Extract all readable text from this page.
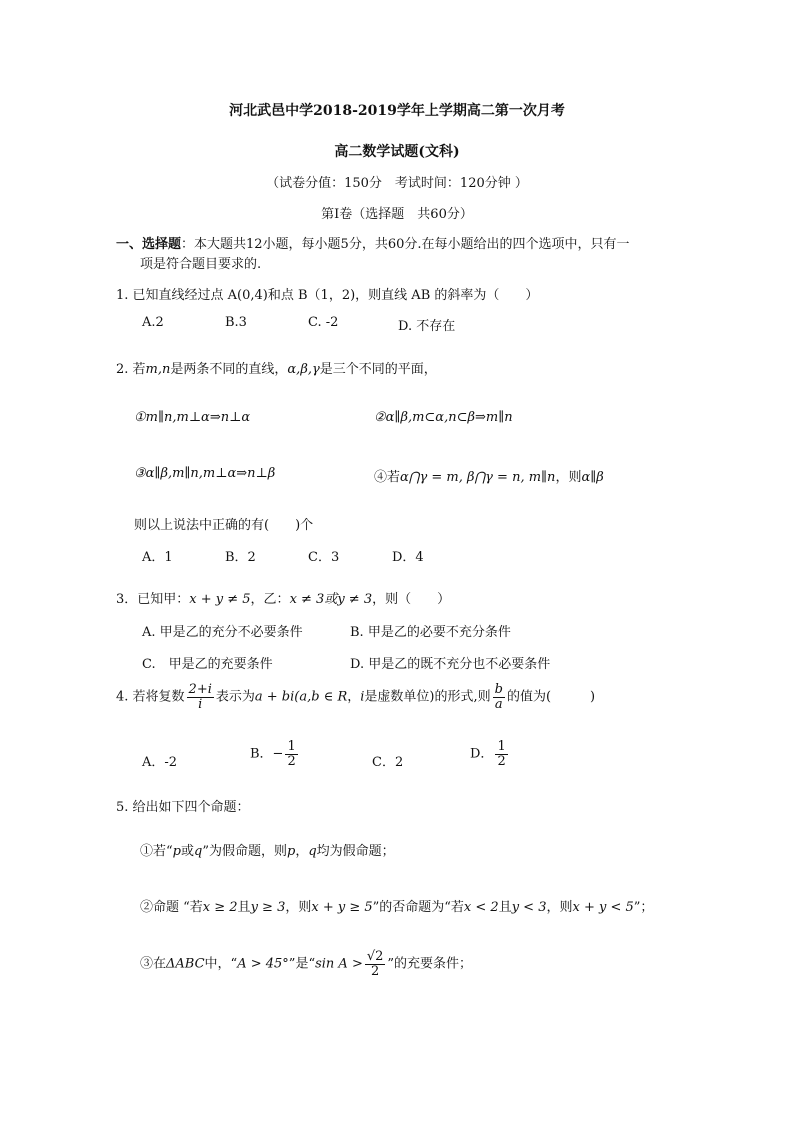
河北武邑中学2018-2019学年上学期高二第一次月考
高二数学试题(文科)
（试卷分值：150分　考试时间：120分钟 ）
第Ⅰ卷（选择题　共60分）
一、选择题：本大题共12小题，每小题5分，共60分.在每小题给出的四个选项中，只有一
项是符合题目要求的.
1. 已知直线经过点 A(0,4)和点 B（1，2)，则直线 AB 的斜率为（　　）
A.2	B.3	C. -2	D. 不存在
2. 若m,n是两条不同的直线，α,β,γ是三个不同的平面，
①m∥n,m⊥α⇒n⊥α	②α∥β,m⊂α,n⊂β⇒m∥n
③α∥β,m∥n,m⊥α⇒n⊥β	④若α⋂γ = m, β⋂γ = n, m∥n，则α∥β
则以上说法中正确的有(　　)个
A．1	B．2	C．3	D．4
3．已知甲：x + y ≠ 5，乙：x ≠ 3或y ≠ 3，则（　　）
A. 甲是乙的充分不必要条件	B. 甲是乙的必要不充分条件
C.　甲是乙的充要条件	D. 甲是乙的既不充分也不必要条件
4. 若将复数 $\frac{2+i}{i}$ 表示为a + bi(a,b ∈ R，i是虚数单位)的形式,则 $\frac{b}{a}$ 的值为(　　　)
A．-2
B．− $\frac{1}{2}$	C．2
D． $\frac{1}{2}$
5. 给出如下四个命题：
①若“p或q”为假命题，则p，q均为假命题；
②命题 “若x ≥ 2且y ≥ 3，则x + y ≥ 5”的否命题为“若x < 2且y < 3，则x + y < 5”；
③在ΔABC中，“A > 45°”是“sin $A > \frac{√2}{2}$ ”的充要条件；
